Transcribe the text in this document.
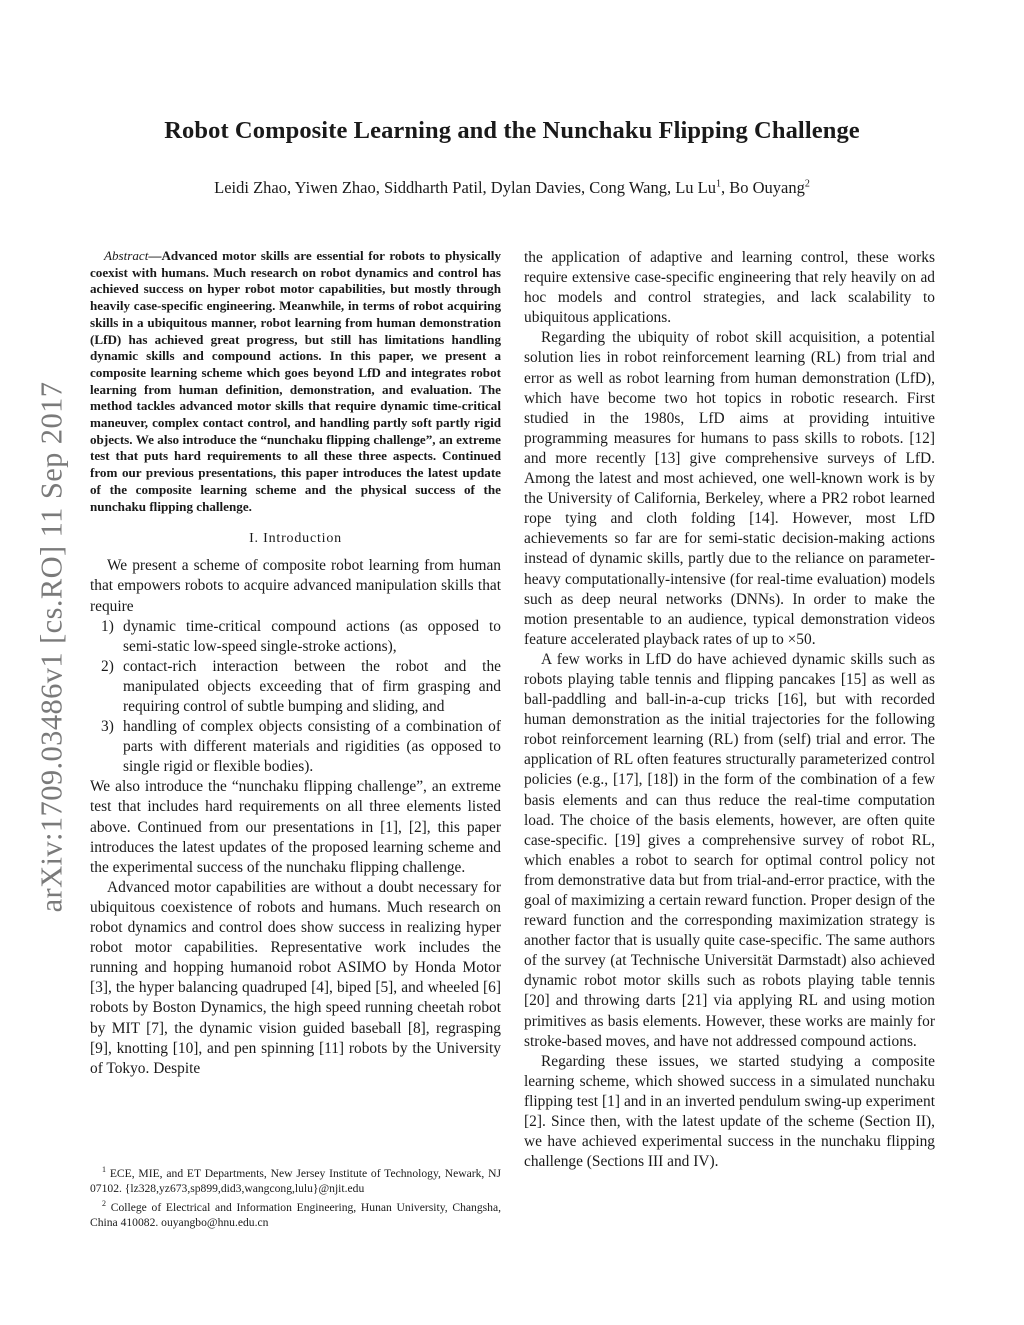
arXiv:1709.03486v1 [cs.RO] 11 Sep 2017
Robot Composite Learning and the Nunchaku Flipping Challenge
Leidi Zhao, Yiwen Zhao, Siddharth Patil, Dylan Davies, Cong Wang, Lu Lu$^1$, Bo Ouyang$^2$

Abstract—Advanced motor skills are essential for robots to physically coexist with humans. Much research on robot dynamics and control has achieved success on hyper robot motor capabilities, but mostly through heavily case-specific engineering. Meanwhile, in terms of robot acquiring skills in a ubiquitous manner, robot learning from human demonstration (LfD) has achieved great progress, but still has limitations handling dynamic skills and compound actions. In this paper, we present a composite learning scheme which goes beyond LfD and integrates robot learning from human definition, demonstration, and evaluation. The method tackles advanced motor skills that require dynamic time-critical maneuver, complex contact control, and handling partly soft partly rigid objects. We also introduce the “nunchaku flipping challenge”, an extreme test that puts hard requirements to all these three aspects. Continued from our previous presentations, this paper introduces the latest update of the composite learning scheme and the physical success of the nunchaku flipping challenge.

I. Introduction

We present a scheme of composite robot learning from human that empowers robots to acquire advanced manipulation skills that require

1) dynamic time-critical compound actions (as opposed to semi-static low-speed single-stroke actions),
2) contact-rich interaction between the robot and the manipulated objects exceeding that of firm grasping and requiring control of subtle bumping and sliding, and
3) handling of complex objects consisting of a combination of parts with different materials and rigidities (as opposed to single rigid or flexible bodies).

We also introduce the “nunchaku flipping challenge”, an extreme test that includes hard requirements on all three elements listed above. Continued from our presentations in [1], [2], this paper introduces the latest updates of the proposed learning scheme and the experimental success of the nunchaku flipping challenge.

Advanced motor capabilities are without a doubt necessary for ubiquitous coexistence of robots and humans. Much research on robot dynamics and control does show success in realizing hyper robot motor capabilities. Representative work includes the running and hopping humanoid robot ASIMO by Honda Motor [3], the hyper balancing quadruped [4], biped [5], and wheeled [6] robots by Boston Dynamics, the high speed running cheetah robot by MIT [7], the dynamic vision guided baseball [8], regrasping [9], knotting [10], and pen spinning [11] robots by the University of Tokyo. Despite

$^1$ ECE, MIE, and ET Departments, New Jersey Institute of Technology, Newark, NJ 07102. {lz328,yz673,sp899,did3,wangcong,lulu}@njit.edu

$^2$ College of Electrical and Information Engineering, Hunan University, Changsha, China 410082. ouyangbo@hnu.edu.cn

the application of adaptive and learning control, these works require extensive case-specific engineering that rely heavily on ad hoc models and control strategies, and lack scalability to ubiquitous applications.

Regarding the ubiquity of robot skill acquisition, a potential solution lies in robot reinforcement learning (RL) from trial and error as well as robot learning from human demonstration (LfD), which have become two hot topics in robotic research. First studied in the 1980s, LfD aims at providing intuitive programming measures for humans to pass skills to robots. [12] and more recently [13] give comprehensive surveys of LfD. Among the latest and most achieved, one well-known work is by the University of California, Berkeley, where a PR2 robot learned rope tying and cloth folding [14]. However, most LfD achievements so far are for semi-static decision-making actions instead of dynamic skills, partly due to the reliance on parameter-heavy computationally-intensive (for real-time evaluation) models such as deep neural networks (DNNs). In order to make the motion presentable to an audience, typical demonstration videos feature accelerated playback rates of up to ×50.

A few works in LfD do have achieved dynamic skills such as robots playing table tennis and flipping pancakes [15] as well as ball-paddling and ball-in-a-cup tricks [16], but with recorded human demonstration as the initial trajectories for the following robot reinforcement learning (RL) from (self) trial and error. The application of RL often features structurally parameterized control policies (e.g., [17], [18]) in the form of the combination of a few basis elements and can thus reduce the real-time computation load. The choice of the basis elements, however, are often quite case-specific. [19] gives a comprehensive survey of robot RL, which enables a robot to search for optimal control policy not from demonstrative data but from trial-and-error practice, with the goal of maximizing a certain reward function. Proper design of the reward function and the corresponding maximization strategy is another factor that is usually quite case-specific. The same authors of the survey (at Technische Universität Darmstadt) also achieved dynamic robot motor skills such as robots playing table tennis [20] and throwing darts [21] via applying RL and using motion primitives as basis elements. However, these works are mainly for stroke-based moves, and have not addressed compound actions.

Regarding these issues, we started studying a composite learning scheme, which showed success in a simulated nunchaku flipping test [1] and in an inverted pendulum swing-up experiment [2]. Since then, with the latest update of the scheme (Section II), we have achieved experimental success in the nunchaku flipping challenge (Sections III and IV).
